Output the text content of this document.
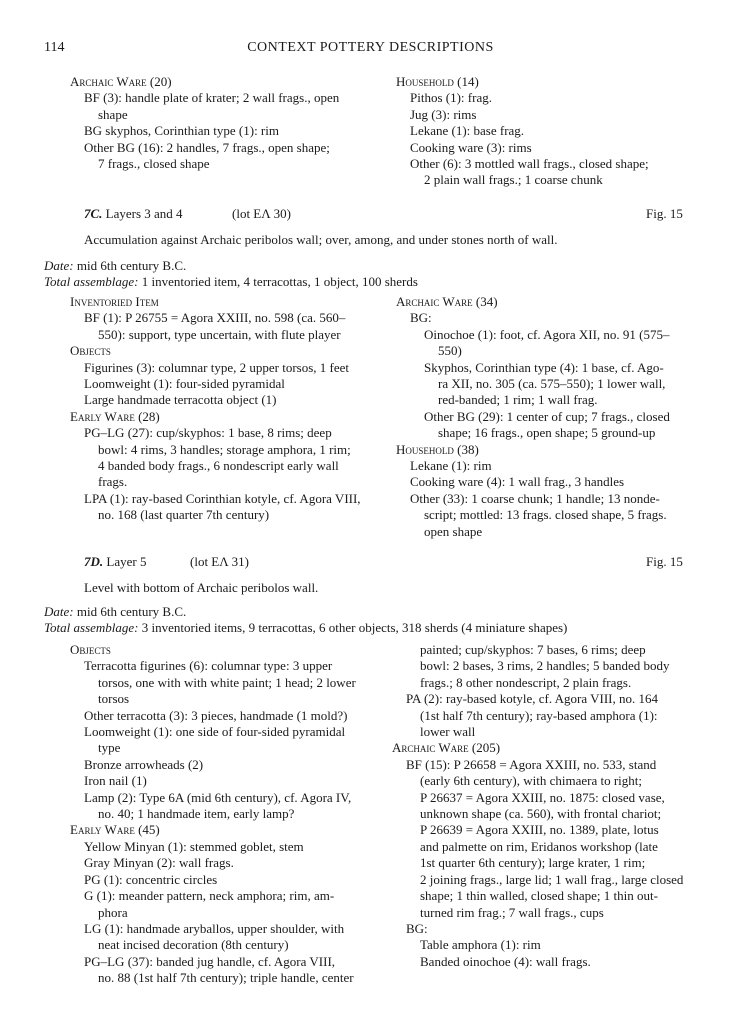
114	CONTEXT POTTERY DESCRIPTIONS
Archaic Ware (20)
BF (3): handle plate of krater; 2 wall frags., open
shape
BG skyphos, Corinthian type (1): rim
Other BG (16): 2 handles, 7 frags., open shape;
7 frags., closed shape
Household (14)
Pithos (1): frag.
Jug (3): rims
Lekane (1): base frag.
Cooking ware (3): rims
Other (6): 3 mottled wall frags., closed shape;
2 plain wall frags.; 1 coarse chunk
7C. Layers 3 and 4	(lot EΛ 30)	Fig. 15
Accumulation against Archaic peribolos wall; over, among, and under stones north of wall.
Date: mid 6th century B.C.
Total assemblage: 1 inventoried item, 4 terracottas, 1 object, 100 sherds
Inventoried Item
BF (1): P 26755 = Agora XXIII, no. 598 (ca. 560–
550): support, type uncertain, with flute player
Objects
Figurines (3): columnar type, 2 upper torsos, 1 feet
Loomweight (1): four-sided pyramidal
Large handmade terracotta object (1)
Early Ware (28)
PG–LG (27): cup/skyphos: 1 base, 8 rims; deep
bowl: 4 rims, 3 handles; storage amphora, 1 rim;
4 banded body frags., 6 nondescript early wall
frags.
LPA (1): ray-based Corinthian kotyle, cf. Agora VIII,
no. 168 (last quarter 7th century)
Archaic Ware (34)
BG:
Oinochoe (1): foot, cf. Agora XII, no. 91 (575–
550)
Skyphos, Corinthian type (4): 1 base, cf. Ago-
ra XII, no. 305 (ca. 575–550); 1 lower wall,
red-banded; 1 rim; 1 wall frag.
Other BG (29): 1 center of cup; 7 frags., closed
shape; 16 frags., open shape; 5 ground-up
Household (38)
Lekane (1): rim
Cooking ware (4): 1 wall frag., 3 handles
Other (33): 1 coarse chunk; 1 handle; 13 nonde-
script; mottled: 13 frags. closed shape, 5 frags.
open shape
7D. Layer 5	(lot EΛ 31)	Fig. 15
Level with bottom of Archaic peribolos wall.
Date: mid 6th century B.C.
Total assemblage: 3 inventoried items, 9 terracottas, 6 other objects, 318 sherds (4 miniature shapes)
Objects
Terracotta figurines (6): columnar type: 3 upper
torsos, one with with white paint; 1 head; 2 lower
torsos
Other terracotta (3): 3 pieces, handmade (1 mold?)
Loomweight (1): one side of four-sided pyramidal
type
Bronze arrowheads (2)
Iron nail (1)
Lamp (2): Type 6A (mid 6th century), cf. Agora IV,
no. 40; 1 handmade item, early lamp?
Early Ware (45)
Yellow Minyan (1): stemmed goblet, stem
Gray Minyan (2): wall frags.
PG (1): concentric circles
G (1): meander pattern, neck amphora; rim, am-
phora
LG (1): handmade aryballos, upper shoulder, with
neat incised decoration (8th century)
PG–LG (37): banded jug handle, cf. Agora VIII,
no. 88 (1st half 7th century); triple handle, center
painted; cup/skyphos: 7 bases, 6 rims; deep
bowl: 2 bases, 3 rims, 2 handles; 5 banded body
frags.; 8 other nondescript, 2 plain frags.
PA (2): ray-based kotyle, cf. Agora VIII, no. 164
(1st half 7th century); ray-based amphora (1):
lower wall
Archaic Ware (205)
BF (15): P 26658 = Agora XXIII, no. 533, stand
(early 6th century), with chimaera to right;
P 26637 = Agora XXIII, no. 1875: closed vase,
unknown shape (ca. 560), with frontal chariot;
P 26639 = Agora XXIII, no. 1389, plate, lotus
and palmette on rim, Eridanos workshop (late
1st quarter 6th century); large krater, 1 rim;
2 joining frags., large lid; 1 wall frag., large closed
shape; 1 thin walled, closed shape; 1 thin out-
turned rim frag.; 7 wall frags., cups
BG:
Table amphora (1): rim
Banded oinochoe (4): wall frags.
